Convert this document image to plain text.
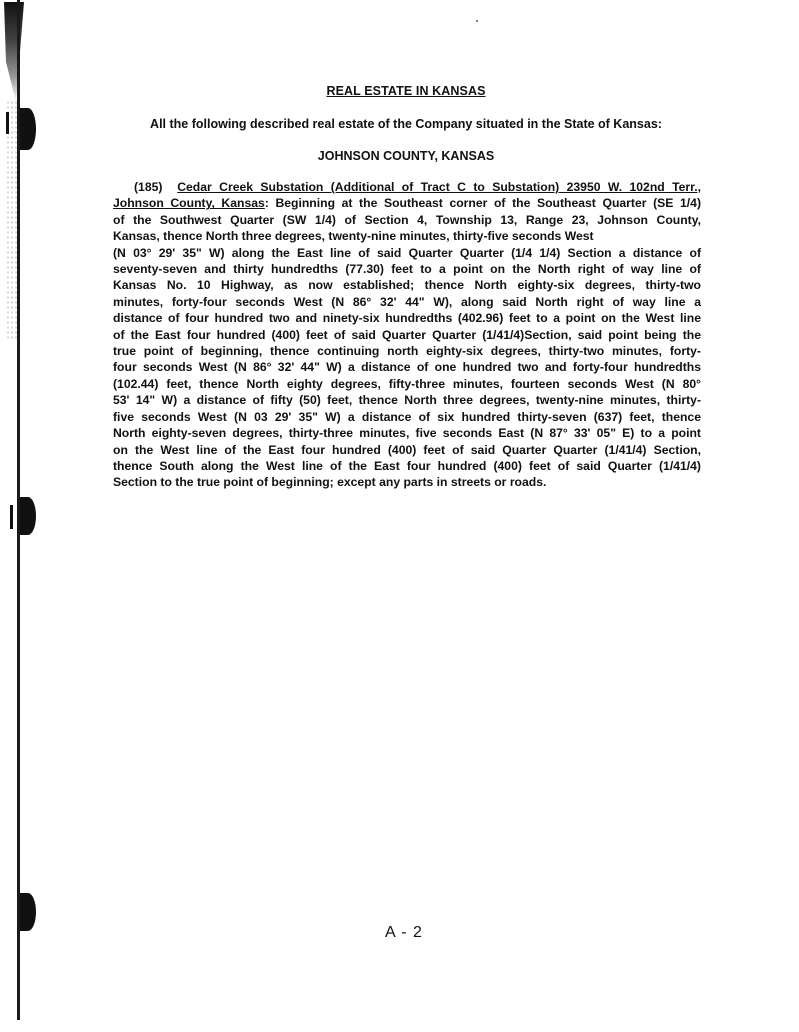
REAL ESTATE IN KANSAS
All the following described real estate of the Company situated in the State of Kansas:
JOHNSON COUNTY, KANSAS
(185) Cedar Creek Substation (Additional of Tract C to Substation) 23950 W. 102nd Terr.,
Johnson County, Kansas: Beginning at the Southeast corner of the Southeast Quarter (SE 1/4)
of the Southwest Quarter (SW 1/4) of Section 4, Township 13, Range 23, Johnson County,
Kansas, thence North three degrees, twenty-nine minutes, thirty-five seconds West
(N 03° 29' 35" W) along the East line of said Quarter Quarter (1/4 1/4) Section a distance of
seventy-seven and thirty hundredths (77.30) feet to a point on the North right of way line of
Kansas No. 10 Highway, as now established; thence North eighty-six degrees, thirty-two
minutes, forty-four seconds West (N 86° 32' 44" W), along said North right of way line a
distance of four hundred two and ninety-six hundredths (402.96) feet to a point on the West line
of the East four hundred (400) feet of said Quarter Quarter (1/41/4)Section, said point being the
true point of beginning, thence continuing north eighty-six degrees, thirty-two minutes, forty-
four seconds West (N 86° 32' 44" W) a distance of one hundred two and forty-four hundredths
(102.44) feet, thence North eighty degrees, fifty-three minutes, fourteen seconds West (N 80°
53' 14" W) a distance of fifty (50) feet, thence North three degrees, twenty-nine minutes, thirty-
five seconds West (N 03 29' 35" W) a distance of six hundred thirty-seven (637) feet, thence
North eighty-seven degrees, thirty-three minutes, five seconds East (N 87° 33' 05" E) to a point
on the West line of the East four hundred (400) feet of said Quarter Quarter (1/41/4) Section,
thence South along the West line of the East four hundred (400) feet of said Quarter (1/41/4)
Section to the true point of beginning; except any parts in streets or roads.
A - 2
